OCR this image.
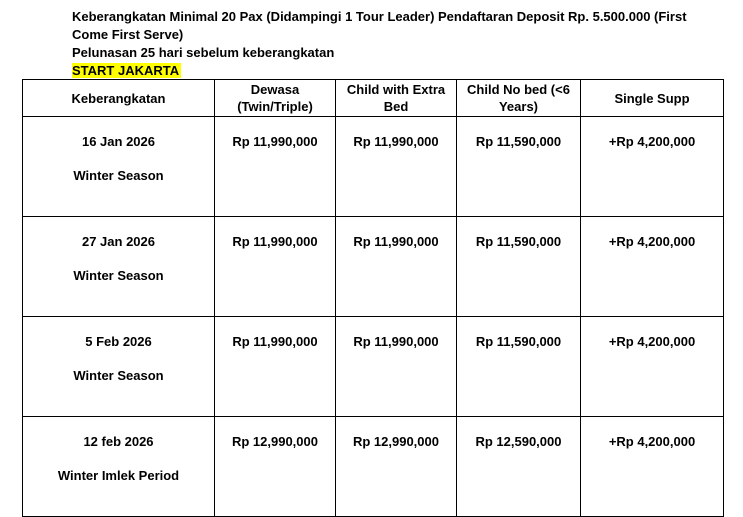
Keberangkatan Minimal 20 Pax (Didampingi 1 Tour Leader) Pendaftaran Deposit Rp. 5.500.000 (First Come First Serve)

Pelunasan 25 hari sebelum keberangkatan

START JAKARTA

Keberangkatan	Dewasa (Twin/Triple)	Child with Extra Bed	Child No bed (<6 Years)	Single Supp

16 Jan 2026
Winter Season	Rp 11,990,000	Rp 11,990,000	Rp 11,590,000	+Rp 4,200,000

27 Jan 2026
Winter Season	Rp 11,990,000	Rp 11,990,000	Rp 11,590,000	+Rp 4,200,000

5 Feb 2026
Winter Season	Rp 11,990,000	Rp 11,990,000	Rp 11,590,000	+Rp 4,200,000

12 feb 2026
Winter Imlek Period	Rp 12,990,000	Rp 12,990,000	Rp 12,590,000	+Rp 4,200,000
